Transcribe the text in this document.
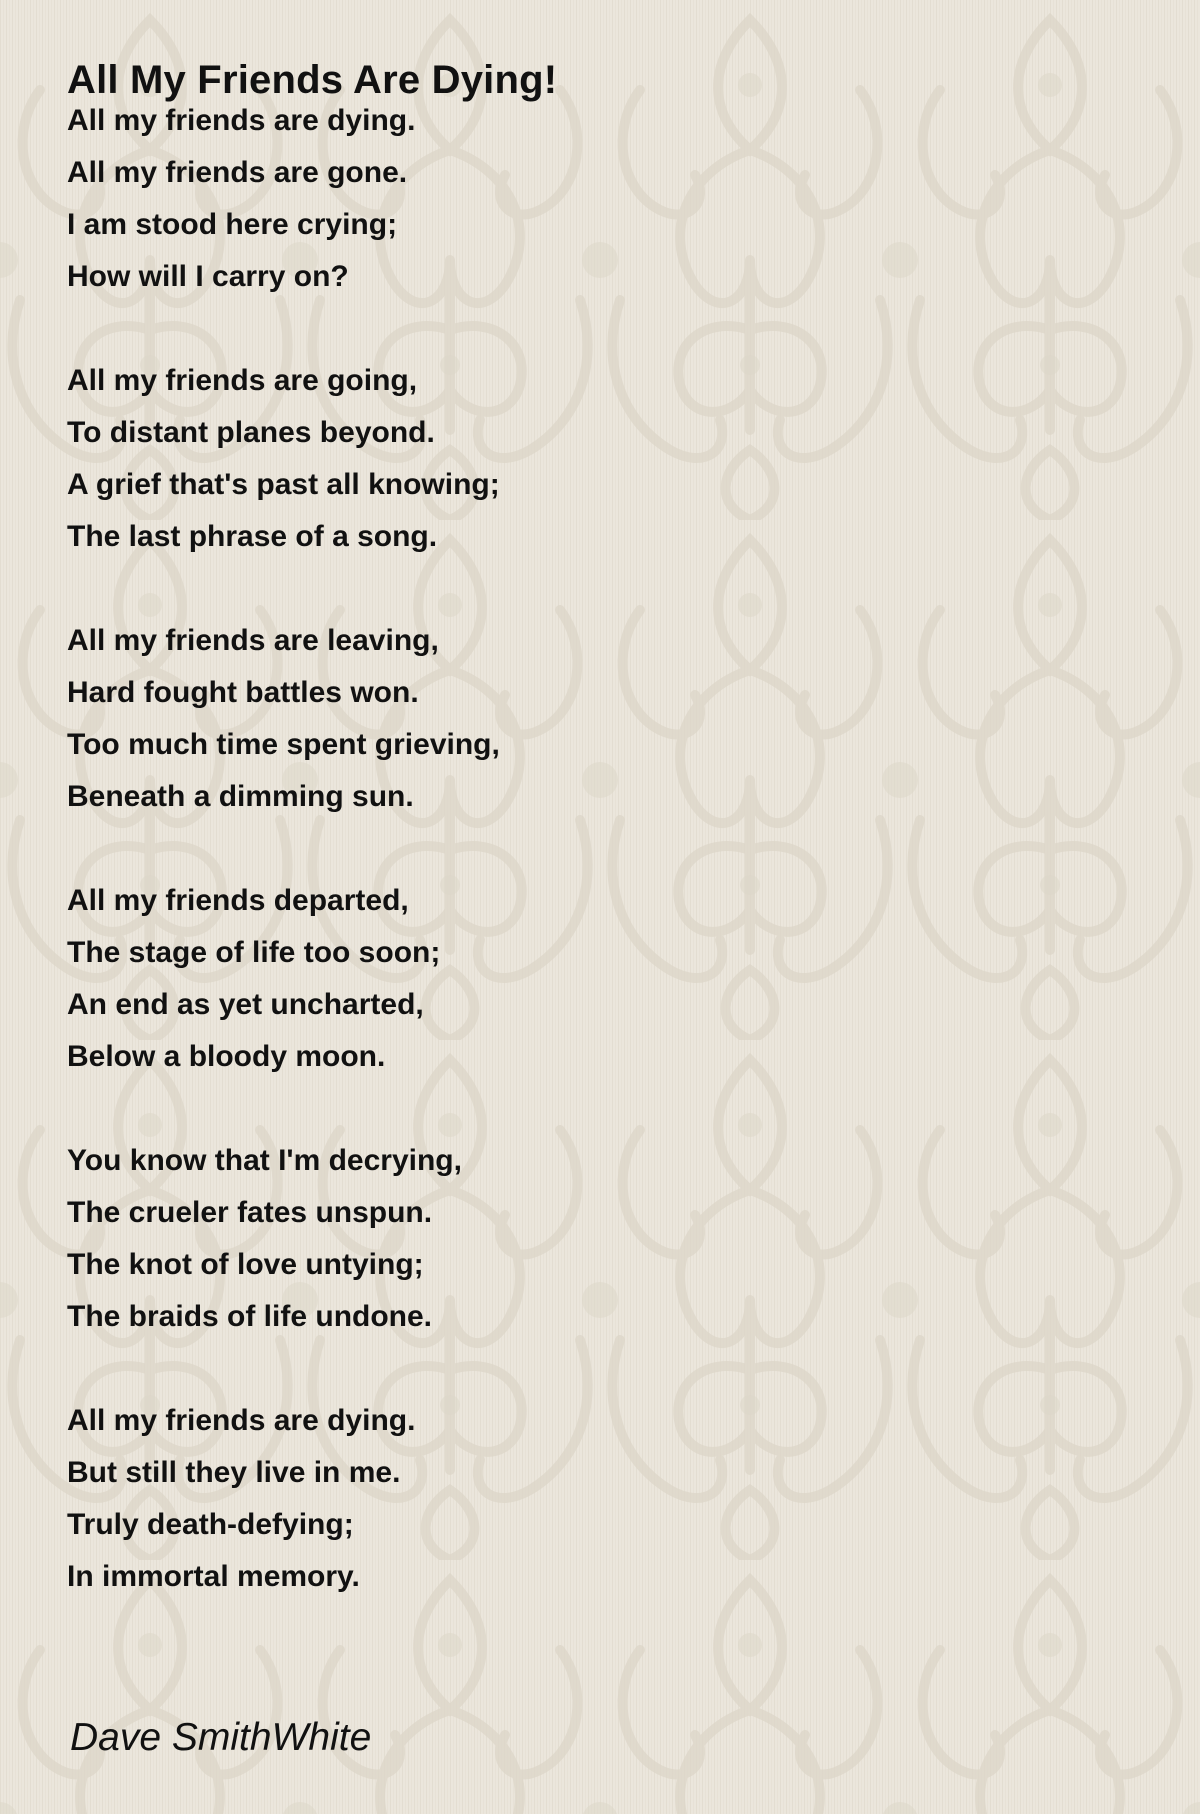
All My Friends Are Dying!
All my friends are dying.
All my friends are gone.
I am stood here crying;
How will I carry on?
All my friends are going,
To distant planes beyond.
A grief that's past all knowing;
The last phrase of a song.
All my friends are leaving,
Hard fought battles won.
Too much time spent grieving,
Beneath a dimming sun.
All my friends departed,
The stage of life too soon;
An end as yet uncharted,
Below a bloody moon.
You know that I'm decrying,
The crueler fates unspun.
The knot of love untying;
The braids of life undone.
All my friends are dying.
But still they live in me.
Truly death-defying;
In immortal memory.
Dave SmithWhite
